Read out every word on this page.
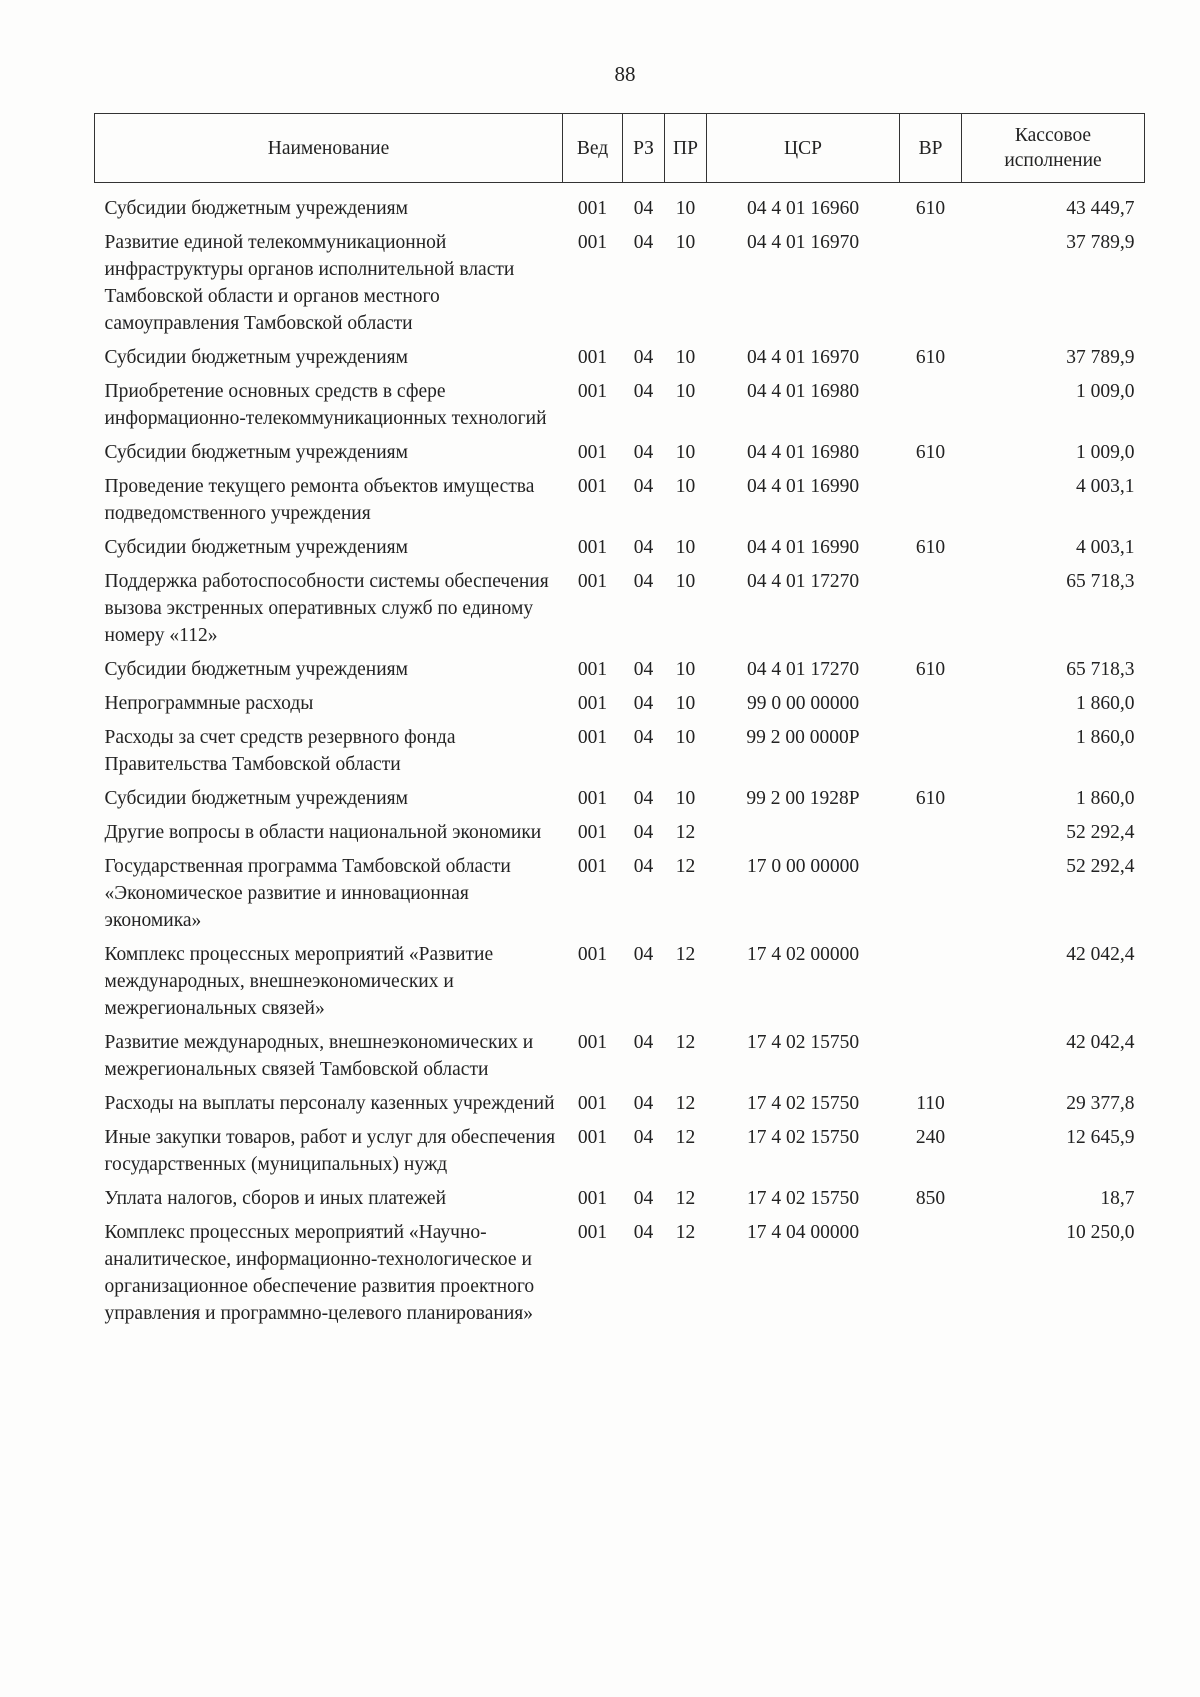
88
Наименование	Вед	РЗ	ПР	ЦСР	ВР	Кассовое исполнение

Субсидии бюджетным учреждениям	001	04	10	04 4 01 16960	610	43 449,7
Развитие единой телекоммуникационной инфраструктуры органов исполнительной власти Тамбовской области и органов местного самоуправления Тамбовской области	001	04	10	04 4 01 16970		37 789,9
Субсидии бюджетным учреждениям	001	04	10	04 4 01 16970	610	37 789,9
Приобретение основных средств в сфере информационно-телекоммуникационных технологий	001	04	10	04 4 01 16980		1 009,0
Субсидии бюджетным учреждениям	001	04	10	04 4 01 16980	610	1 009,0
Проведение текущего ремонта объектов имущества подведомственного учреждения	001	04	10	04 4 01 16990		4 003,1
Субсидии бюджетным учреждениям	001	04	10	04 4 01 16990	610	4 003,1
Поддержка работоспособности системы обеспечения вызова экстренных оперативных служб по единому номеру «112»	001	04	10	04 4 01 17270		65 718,3
Субсидии бюджетным учреждениям	001	04	10	04 4 01 17270	610	65 718,3
Непрограммные расходы	001	04	10	99 0 00 00000		1 860,0
Расходы за счет средств резервного фонда Правительства Тамбовской области	001	04	10	99 2 00 0000Р		1 860,0
Субсидии бюджетным учреждениям	001	04	10	99 2 00 1928Р	610	1 860,0
Другие вопросы в области национальной экономики	001	04	12			52 292,4
Государственная программа Тамбовской области «Экономическое развитие и инновационная экономика»	001	04	12	17 0 00 00000		52 292,4
Комплекс процессных мероприятий «Развитие международных, внешнеэкономических и межрегиональных связей»	001	04	12	17 4 02 00000		42 042,4
Развитие международных, внешнеэкономических и межрегиональных связей Тамбовской области	001	04	12	17 4 02 15750		42 042,4
Расходы на выплаты персоналу казенных учреждений	001	04	12	17 4 02 15750	110	29 377,8
Иные закупки товаров, работ и услуг для обеспечения государственных (муниципальных) нужд	001	04	12	17 4 02 15750	240	12 645,9
Уплата налогов, сборов и иных платежей	001	04	12	17 4 02 15750	850	18,7
Комплекс процессных мероприятий «Научно-аналитическое, информационно-технологическое и организационное обеспечение развития проектного управления и программно-целевого планирования»	001	04	12	17 4 04 00000		10 250,0
